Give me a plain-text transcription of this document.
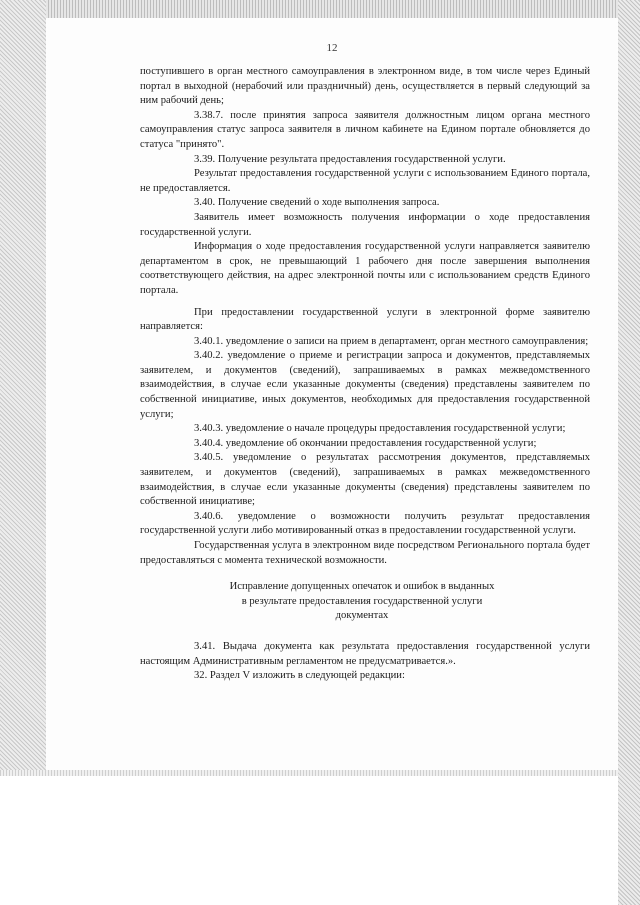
12

поступившего в орган местного самоуправления в электронном виде, в том числе через Единый портал в выходной (нерабочий или праздничный) день, осуществляется в первый следующий за ним рабочий день;

3.38.7. после принятия запроса заявителя должностным лицом органа местного самоуправления статус запроса заявителя в личном кабинете на Едином портале обновляется до статуса "принято".

3.39. Получение результата предоставления государственной услуги.

Результат предоставления государственной услуги с использованием Единого портала, не предоставляется.

3.40. Получение сведений о ходе выполнения запроса.

Заявитель имеет возможность получения информации о ходе предоставления государственной услуги.

Информация о ходе предоставления государственной услуги направляется заявителю департаментом в срок, не превышающий 1 рабочего дня после завершения выполнения соответствующего действия, на адрес электронной почты или с использованием средств Единого портала.

При предоставлении государственной услуги в электронной форме заявителю направляется:

3.40.1. уведомление о записи на прием в департамент, орган местного самоуправления;

3.40.2. уведомление о приеме и регистрации запроса и документов, представляемых заявителем, и документов (сведений), запрашиваемых в рамках межведомственного взаимодействия, в случае если указанные документы (сведения) представлены заявителем по собственной инициативе, иных документов, необходимых для предоставления государственной услуги;

3.40.3. уведомление о начале процедуры предоставления государственной услуги;

3.40.4. уведомление об окончании предоставления государственной услуги;

3.40.5. уведомление о результатах рассмотрения документов, представляемых заявителем, и документов (сведений), запрашиваемых в рамках межведомственного взаимодействия, в случае если указанные документы (сведения) представлены заявителем по собственной инициативе;

3.40.6. уведомление о возможности получить результат предоставления государственной услуги либо мотивированный отказ в предоставлении государственной услуги.

Государственная услуга в электронном виде посредством Регионального портала будет предоставляться с момента технической возможности.

Исправление допущенных опечаток и ошибок в выданных
в результате предоставления государственной услуги
документах

3.41. Выдача документа как результата предоставления государственной услуги настоящим Административным регламентом не предусматривается.».

32. Раздел V изложить в следующей редакции:
